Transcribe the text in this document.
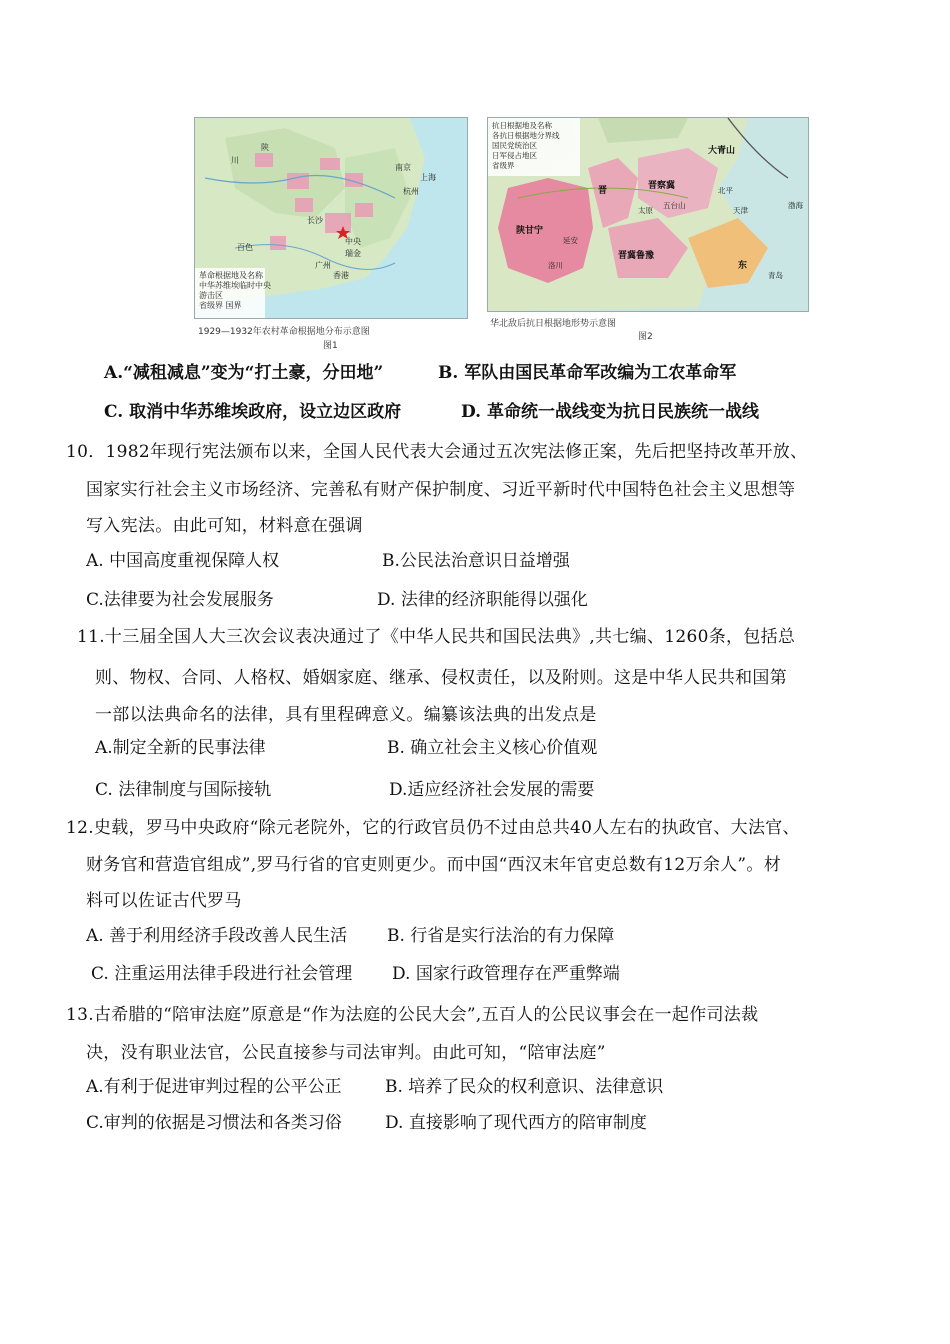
革命根据地及名称
中华苏维埃临时中央
游击区
省级界 国界
南京
上海
杭州
长沙
中央
瑞金
广州
香港
百色
川
陕
1929—1932年农村革命根据地分布示意图
图1
抗日根据地及名称
各抗日根据地分界线
国民党统治区
日军侵占地区
省级界
陕甘宁
晋	晋察冀
晋冀鲁豫
大青山
东
延安
洛川
太原
五台山
北平
天津
青岛
渤海
华北敌后抗日根据地形势示意图
图2
A.“减租减息”变为“打土豪，分田地”	B. 军队由国民革命军改编为工农革命军
C. 取消中华苏维埃政府，设立边区政府	D. 革命统一战线变为抗日民族统一战线
10．1982年现行宪法颁布以来，全国人民代表大会通过五次宪法修正案，先后把坚持改革开放、
国家实行社会主义市场经济、完善私有财产保护制度、习近平新时代中国特色社会主义思想等
写入宪法。由此可知，材料意在强调
A. 中国高度重视保障人权	B.公民法治意识日益增强
C.法律要为社会发展服务	D. 法律的经济职能得以强化
11.十三届全国人大三次会议表决通过了《中华人民共和国民法典》,共七编、1260条，包括总
则、物权、合同、人格权、婚姻家庭、继承、侵权责任，以及附则。这是中华人民共和国第
一部以法典命名的法律，具有里程碑意义。编纂该法典的出发点是
A.制定全新的民事法律	B. 确立社会主义核心价值观
C. 法律制度与国际接轨	D.适应经济社会发展的需要
12.史载，罗马中央政府“除元老院外，它的行政官员仍不过由总共40人左右的执政官、大法官、
财务官和营造官组成”,罗马行省的官吏则更少。而中国“西汉末年官吏总数有12万余人”。材
料可以佐证古代罗马
A. 善于利用经济手段改善人民生活 B. 行省是实行法治的有力保障
C. 注重运用法律手段进行社会管理 D. 国家行政管理存在严重弊端
13.古希腊的“陪审法庭”原意是“作为法庭的公民大会”,五百人的公民议事会在一起作司法裁
决，没有职业法官，公民直接参与司法审判。由此可知，“陪审法庭”
A.有利于促进审判过程的公平公正	B. 培养了民众的权利意识、法律意识
C.审判的依据是习惯法和各类习俗	D. 直接影响了现代西方的陪审制度
